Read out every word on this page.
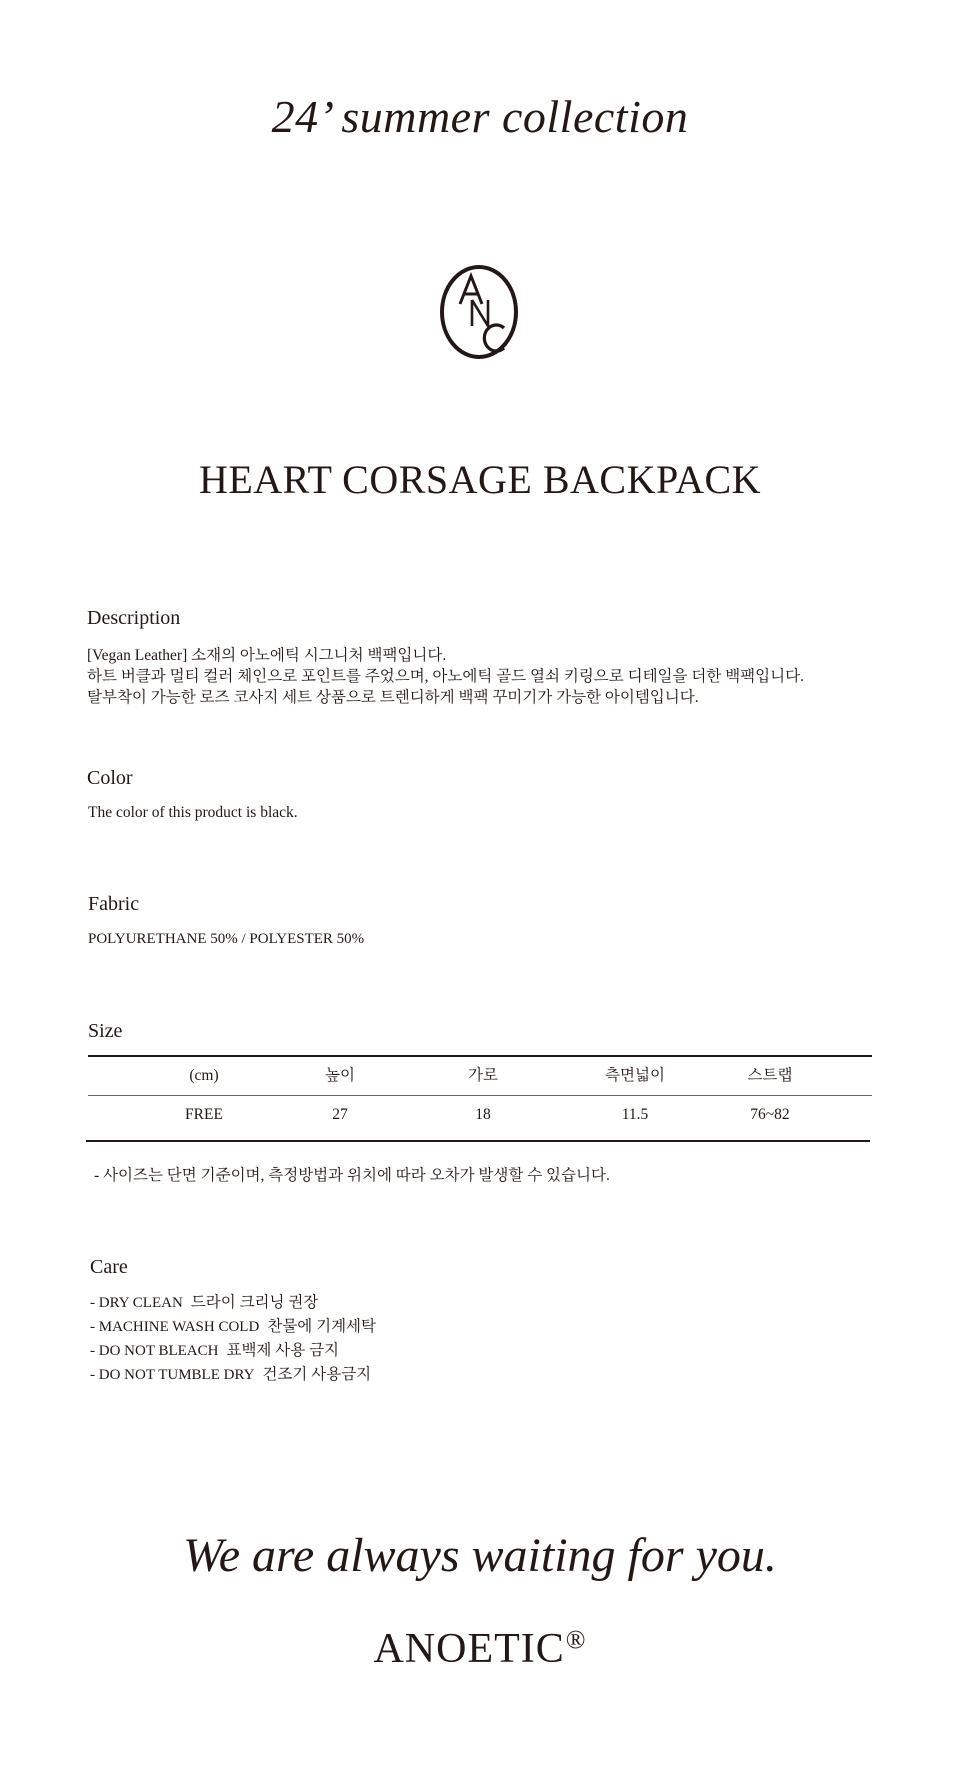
24’ summer collection
HEART CORSAGE BACKPACK
Description
[Vegan Leather] 소재의 아노에틱 시그니처 백팩입니다.
하트 버클과 멀티 컬러 체인으로 포인트를 주었으며, 아노에틱 골드 열쇠 키링으로 디테일을 더한 백팩입니다.
탈부착이 가능한 로즈 코사지 세트 상품으로 트렌디하게 백팩 꾸미기가 가능한 아이템입니다.
Color
The color of this product is black.
Fabric
POLYURETHANE 50% / POLYESTER 50%
Size
(cm)	높이	가로	측면넓이	스트랩
FREE	27	18	11.5	76~82
- 사이즈는 단면 기준이며, 측정방법과 위치에 따라 오차가 발생할 수 있습니다.
Care
- DRY CLEAN 드라이 크리닝 권장
- MACHINE WASH COLD 찬물에 기계세탁
- DO NOT BLEACH 표백제 사용 금지
- DO NOT TUMBLE DRY 건조기 사용금지
We are always waiting for you.
ANOETIC®
